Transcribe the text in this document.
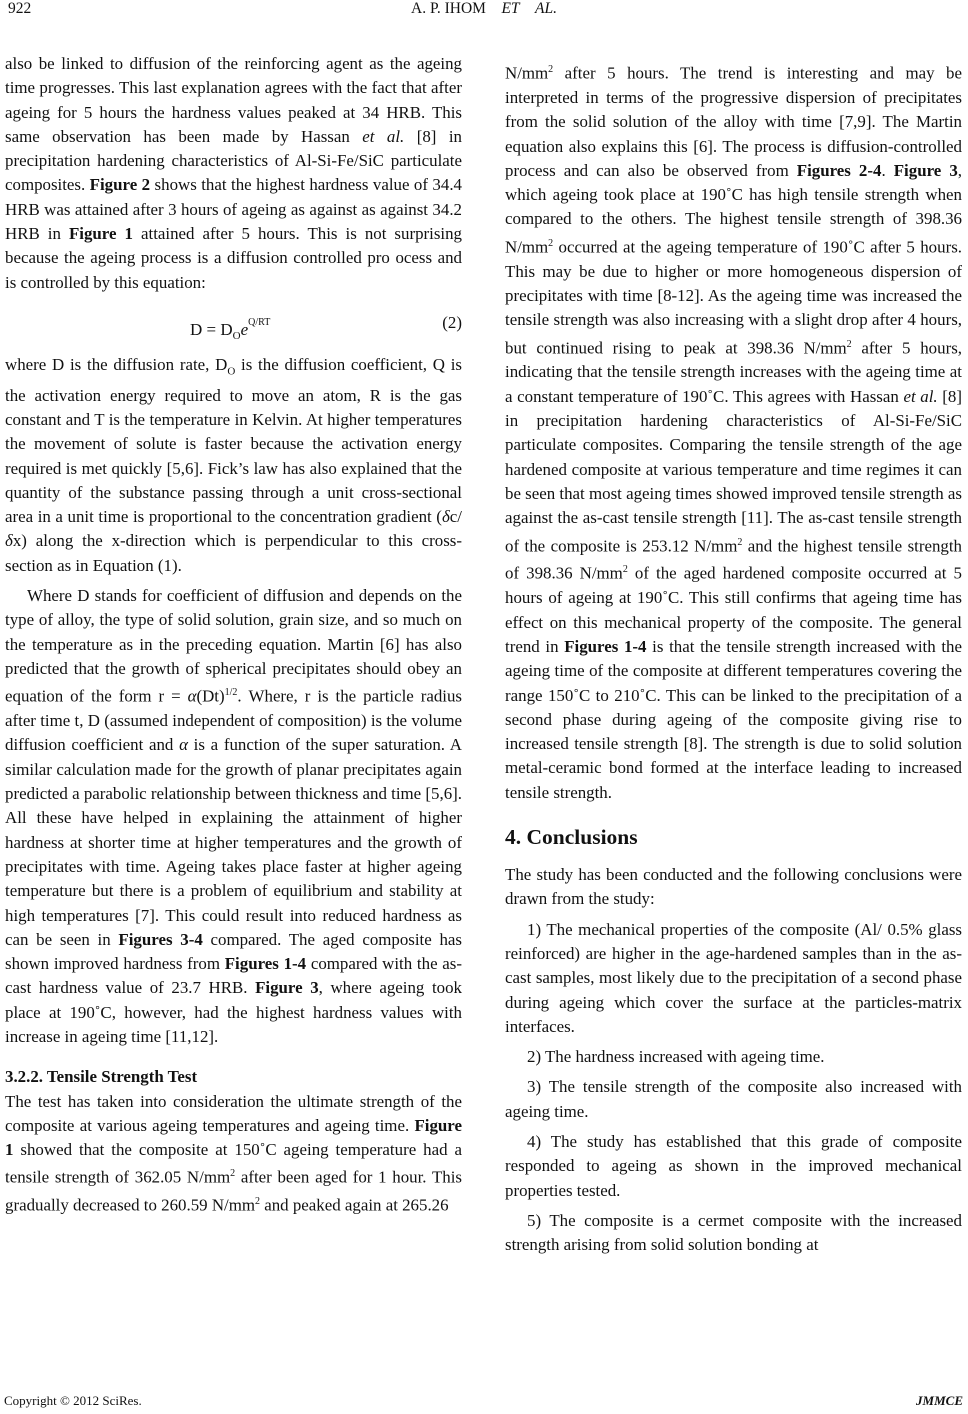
922	A. P. IHOM    ET AL.

also be linked to diffusion of the reinforcing agent as the ageing time progresses. This last explanation agrees with the fact that after ageing for 5 hours the hardness values peaked at 34 HRB. This same observation has been made by Hassan et al. [8] in precipitation hardening characteristics of Al-Si-Fe/SiC particulate composites. Figure 2 shows that the highest hardness value of 34.4 HRB was attained after 3 hours of ageing as against as against 34.2 HRB in Figure 1 attained after 5 hours. This is not surprising because the ageing process is a diffusion controlled pro ocess and is controlled by this equation:

$D = D_Oe^{Q/RT}$	(2)

where D is the diffusion rate, $D_O$ is the diffusion coefficient, Q is the activation energy required to move an atom, R is the gas constant and T is the temperature in Kelvin. At higher temperatures the movement of solute is faster because the activation energy required is met quickly [5,6]. Fick’s law has also explained that the quantity of the substance passing through a unit cross-sectional area in a unit time is proportional to the concentration gradient (δc/δx) along the x-direction which is perpendicular to this cross-section as in Equation (1).

Where D stands for coefficient of diffusion and depends on the type of alloy, the type of solid solution, grain size, and so much on the temperature as in the preceding equation. Martin [6] has also predicted that the growth of spherical precipitates should obey an equation of the form $r = \alpha(Dt)^{1/2}$. Where, r is the particle radius after time t, D (assumed independent of composition) is the volume diffusion coefficient and α is a function of the super saturation. A similar calculation made for the growth of planar precipitates again predicted a parabolic relationship between thickness and time [5,6]. All these have helped in explaining the attainment of higher hardness at shorter time at higher temperatures and the growth of precipitates with time. Ageing takes place faster at higher ageing temperature but there is a problem of equilibrium and stability at high temperatures [7]. This could result into reduced hardness as can be seen in Figures 3-4 compared. The aged composite has shown improved hardness from Figures 1-4 compared with the as-cast hardness value of 23.7 HRB. Figure 3, where ageing took place at 190˚C, however, had the highest hardness values with increase in ageing time [11,12].

3.2.2. Tensile Strength Test

The test has taken into consideration the ultimate strength of the composite at various ageing temperatures and ageing time. Figure 1 showed that the composite at 150˚C ageing temperature had a tensile strength of 362.05 $N/mm^2$ after been aged for 1 hour. This gradually decreased to 260.59 $N/mm^2$ and peaked again at 265.26

$N/mm^2$ after 5 hours. The trend is interesting and may be interpreted in terms of the progressive dispersion of precipitates from the solid solution of the alloy with time [7,9]. The Martin equation also explains this [6]. The process is diffusion-controlled process and can also be observed from Figures 2-4. Figure 3, which ageing took place at 190˚C has high tensile strength when compared to the others. The highest tensile strength of 398.36 $N/mm^2$ occurred at the ageing temperature of 190˚C after 5 hours. This may be due to higher or more homogeneous dispersion of precipitates with time [8-12]. As the ageing time was increased the tensile strength was also increasing with a slight drop after 4 hours, but continued rising to peak at 398.36 $N/mm^2$ after 5 hours, indicating that the tensile strength increases with the ageing time at a constant temperature of 190˚C. This agrees with Hassan et al. [8] in precipitation hardening characteristics of Al-Si-Fe/SiC particulate composites. Comparing the tensile strength of the age hardened composite at various temperature and time regimes it can be seen that most ageing times showed improved tensile strength as against the as-cast tensile strength [11]. The as-cast tensile strength of the composite is 253.12 $N/mm^2$ and the highest tensile strength of 398.36 $N/mm^2$ of the aged hardened composite occurred at 5 hours of ageing at 190˚C. This still confirms that ageing time has effect on this mechanical property of the composite. The general trend in Figures 1-4 is that the tensile strength increased with the ageing time of the composite at different temperatures covering the range 150˚C to 210˚C. This can be linked to the precipitation of a second phase during ageing of the composite giving rise to increased tensile strength [8]. The strength is due to solid solution metal-ceramic bond formed at the interface leading to increased tensile strength.

4. Conclusions

The study has been conducted and the following conclusions were drawn from the study:

1) The mechanical properties of the composite (Al/ 0.5% glass reinforced) are higher in the age-hardened samples than in the as-cast samples, most likely due to the precipitation of a second phase during ageing which cover the surface at the particles-matrix interfaces.

2) The hardness increased with ageing time.

3) The tensile strength of the composite also increased with ageing time.

4) The study has established that this grade of composite responded to ageing as shown in the improved mechanical properties tested.

5) The composite is a cermet composite with the increased strength arising from solid solution bonding at

Copyright © 2012 SciRes.	JMMCE
